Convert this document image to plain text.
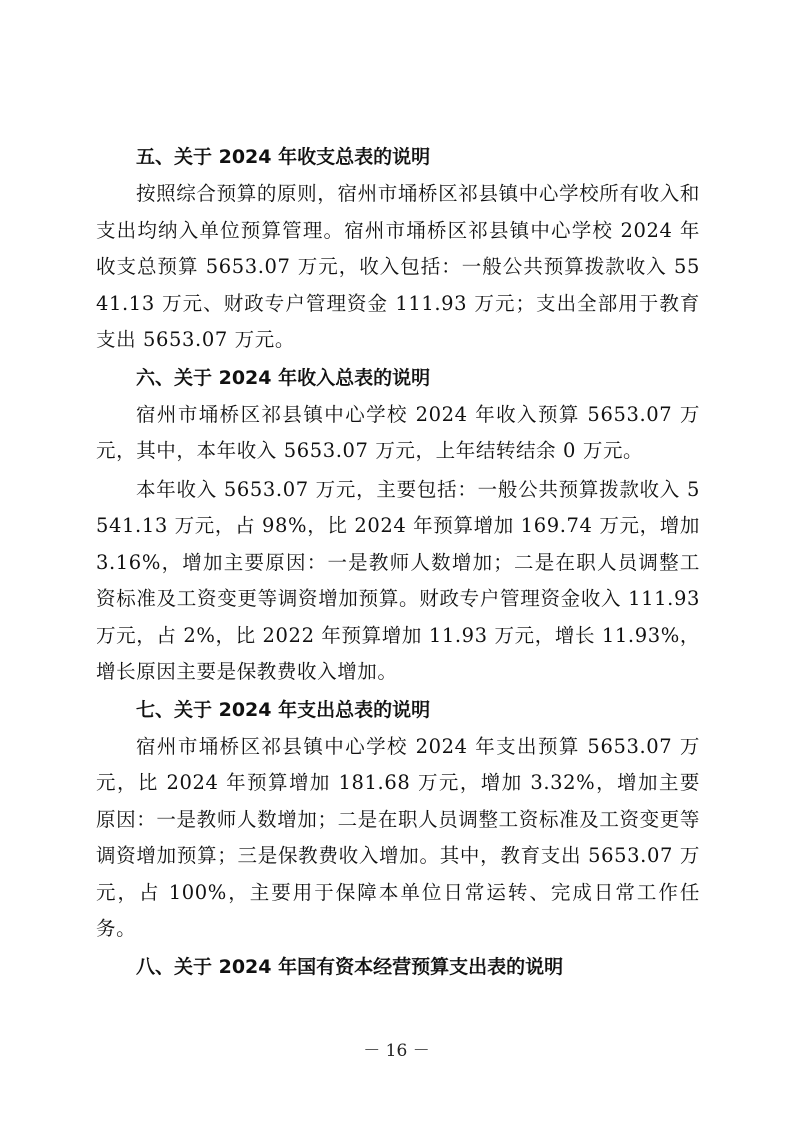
五、关于 2024 年收支总表的说明

按照综合预算的原则，宿州市埇桥区祁县镇中心学校所有收入和支出均纳入单位预算管理。宿州市埇桥区祁县镇中心学校 2024 年收支总预算 5653.07 万元，收入包括：一般公共预算拨款收入 5541.13 万元、财政专户管理资金 111.93 万元；支出全部用于教育支出 5653.07 万元。

六、关于 2024 年收入总表的说明

宿州市埇桥区祁县镇中心学校 2024 年收入预算 5653.07 万元，其中，本年收入 5653.07 万元，上年结转结余 0 万元。

本年收入 5653.07 万元，主要包括：一般公共预算拨款收入 5541.13 万元，占 98%，比 2024 年预算增加 169.74 万元，增加 3.16%，增加主要原因：一是教师人数增加；二是在职人员调整工资标准及工资变更等调资增加预算。财政专户管理资金收入 111.93 万元，占 2%，比 2022 年预算增加 11.93 万元，增长 11.93%，增长原因主要是保教费收入增加。

七、关于 2024 年支出总表的说明

宿州市埇桥区祁县镇中心学校 2024 年支出预算 5653.07 万元，比 2024 年预算增加 181.68 万元，增加 3.32%，增加主要原因：一是教师人数增加；二是在职人员调整工资标准及工资变更等调资增加预算；三是保教费收入增加。其中，教育支出 5653.07 万元，占 100%，主要用于保障本单位日常运转、完成日常工作任务。

八、关于 2024 年国有资本经营预算支出表的说明
－ 16 －
